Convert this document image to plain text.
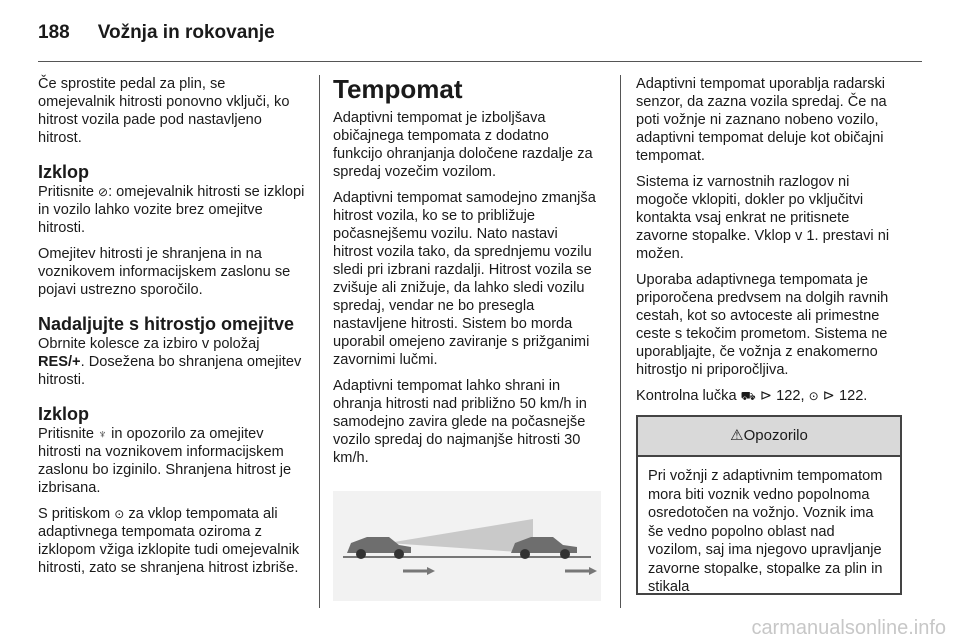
188 Vožnja in rokovanje

Če sprostite pedal za plin, se omejevalnik hitrosti ponovno vključi, ko hitrost vozila pade pod nastavljeno hitrost.

Izklop

Pritisnite ⊘: omejevalnik hitrosti se izklopi in vozilo lahko vozite brez omejitve hitrosti.

Omejitev hitrosti je shranjena in na voznikovem informacijskem zaslonu se pojavi ustrezno sporočilo.

Nadaljujte s hitrostjo omejitve

Obrnite kolesce za izbiro v položaj RES/+. Dosežena bo shranjena omejitev hitrosti.

Izklop

Pritisnite ♆ in opozorilo za omejitev hitrosti na voznikovem informacijskem zaslonu bo izginilo. Shranjena hitrost je izbrisana.

S pritiskom ⊙ za vklop tempomata ali adaptivnega tempomata oziroma z izklopom vžiga izklopite tudi omejevalnik hitrosti, zato se shranjena hitrost izbriše.

Tempomat

Adaptivni tempomat je izboljšava običajnega tempomata z dodatno funkcijo ohranjanja določene razdalje za spredaj vozečim vozilom.

Adaptivni tempomat samodejno zmanjša hitrost vozila, ko se to približuje počasnejšemu vozilu. Nato nastavi hitrost vozila tako, da sprednjemu vozilu sledi pri izbrani razdalji. Hitrost vozila se zvišuje ali znižuje, da lahko sledi vozilu spredaj, vendar ne bo presegla nastavljene hitrosti. Sistem bo morda uporabil omejeno zaviranje s prižganimi zavornimi lučmi.

Adaptivni tempomat lahko shrani in ohranja hitrosti nad približno 50 km/h in samodejno zavira glede na počasnejše vozilo spredaj do najmanjše hitrosti 30 km/h.

Adaptivni tempomat uporablja radarski senzor, da zazna vozila spredaj. Če na poti vožnje ni zaznano nobeno vozilo, adaptivni tempomat deluje kot običajni tempomat.

Sistema iz varnostnih razlogov ni mogoče vklopiti, dokler po vključitvi kontakta vsaj enkrat ne pritisnete zavorne stopalke. Vklop v 1. prestavi ni možen.

Uporaba adaptivnega tempomata je priporočena predvsem na dolgih ravnih cestah, kot so avtoceste ali primestne ceste s tekočim prometom. Sistema ne uporabljajte, če vožnja z enakomerno hitrostjo ni priporočljiva.

Kontrolna lučka ⛟ ⊳ 122, ⊙ ⊳ 122.

⚠Opozorilo
Pri vožnji z adaptivnim tempomatom mora biti voznik vedno popolnoma osredotočen na vožnjo. Voznik ima še vedno popolno oblast nad vozilom, saj ima njegovo upravljanje zavorne stopalke, stopalke za plin in stikala
carmanualsonline.info
